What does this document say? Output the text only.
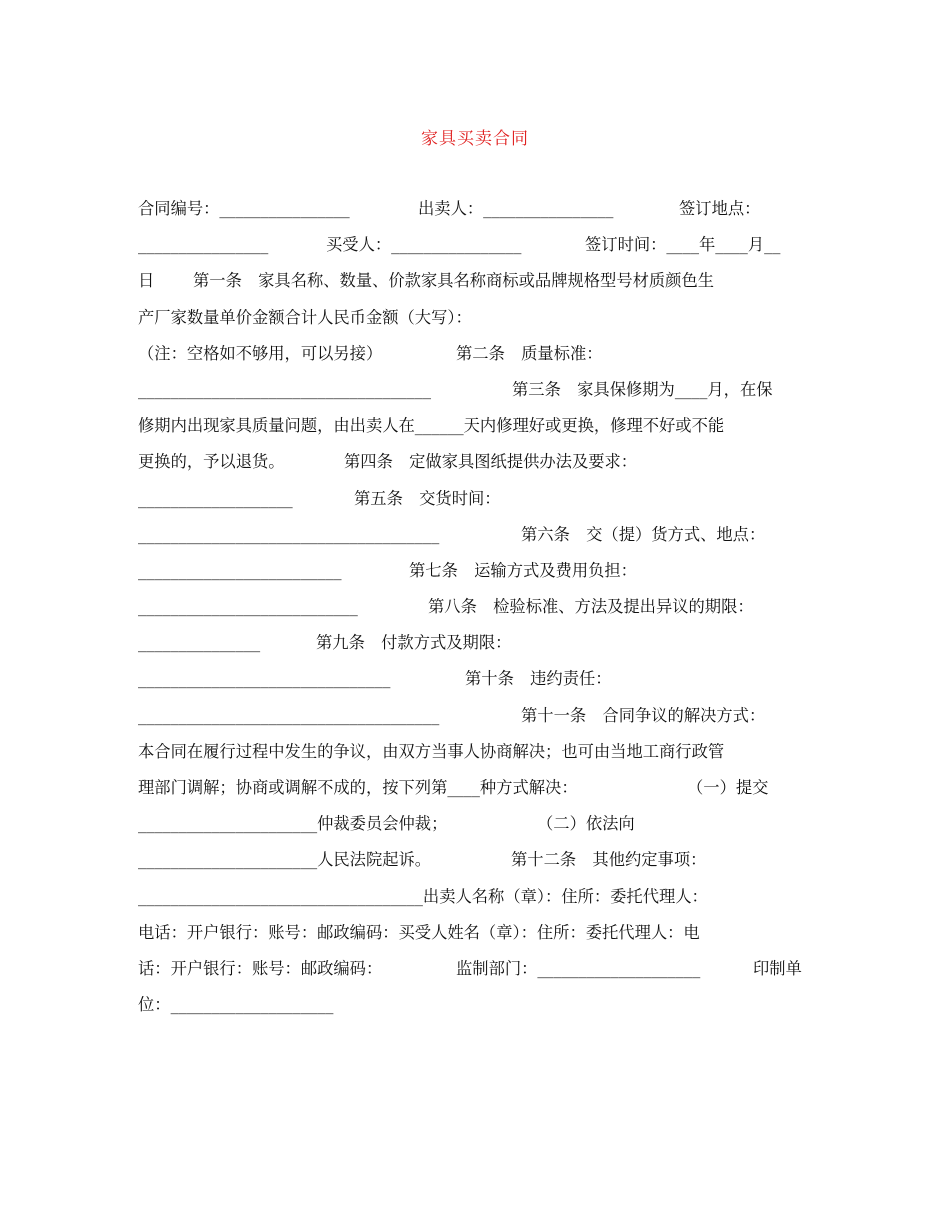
家具买卖合同
合同编号：________________	出卖人：________________	签订地点：
________________	买受人：________________	签订时间：____年____月__
日 第一条　家具名称、数量、价款家具名称商标或品牌规格型号材质颜色生
产厂家数量单价金额合计人民币金额（大写）：
（注：空格如不够用，可以另接）	第二条　质量标准：
____________________________________	第三条　家具保修期为____月，在保
修期内出现家具质量问题，由出卖人在______天内修理好或更换，修理不好或不能
更换的，予以退货。	第四条　定做家具图纸提供办法及要求：
___________________	第五条　交货时间：
_____________________________________	第六条　交（提）货方式、地点：
_________________________	第七条　运输方式及费用负担：
___________________________	第八条　检验标准、方法及提出异议的期限：
_______________	第九条　付款方式及期限：
_______________________________	第十条　违约责任：
_____________________________________	第十一条　合同争议的解决方式：
本合同在履行过程中发生的争议，由双方当事人协商解决；也可由当地工商行政管
理部门调解；协商或调解不成的，按下列第____种方式解决：	（一）提交
______________________仲裁委员会仲裁；	（二）依法向
______________________人民法院起诉。	第十二条　其他约定事项：
___________________________________出卖人名称（章）：住所：委托代理人：
电话：开户银行：账号：邮政编码：买受人姓名（章）：住所：委托代理人：电
话：开户银行：账号：邮政编码：	监制部门：____________________	印制单
位：____________________
